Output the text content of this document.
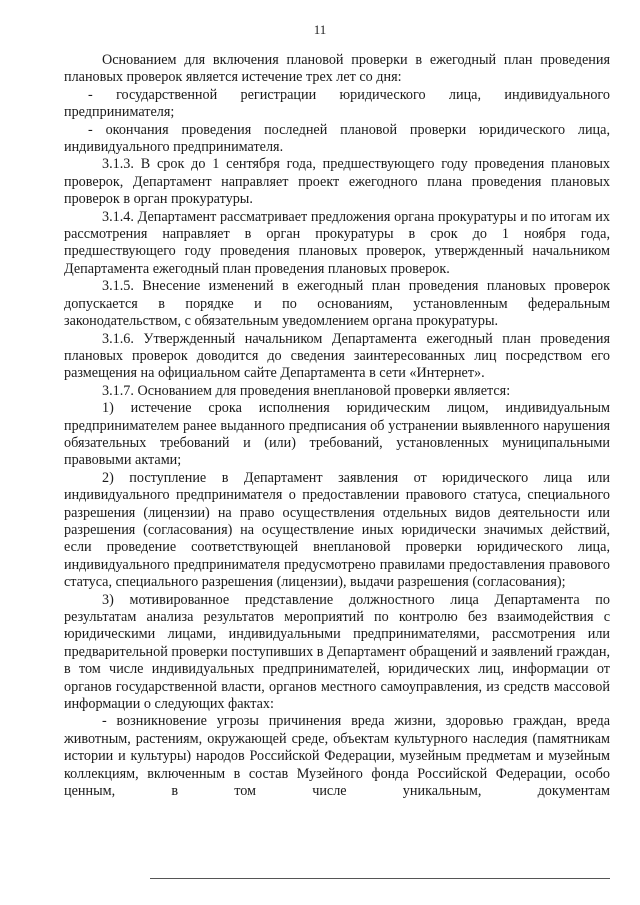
11

Основанием для включения плановой проверки в ежегодный план проведения плановых проверок является истечение трех лет со дня:

- государственной регистрации юридического лица, индивидуального предпринимателя;

- окончания проведения последней плановой проверки юридического лица, индивидуального предпринимателя.

3.1.3. В срок до 1 сентября года, предшествующего году проведения плановых проверок, Департамент направляет проект ежегодного плана проведения плановых проверок в орган прокуратуры.

3.1.4. Департамент рассматривает предложения органа прокуратуры и по итогам их рассмотрения направляет в орган прокуратуры в срок до 1 ноября года, предшествующего году проведения плановых проверок, утвержденный начальником Департамента ежегодный план проведения плановых проверок.

3.1.5. Внесение изменений в ежегодный план проведения плановых проверок допускается в порядке и по основаниям, установленным федеральным законодательством, с обязательным уведомлением органа прокуратуры.

3.1.6. Утвержденный начальником Департамента ежегодный план проведения плановых проверок доводится до сведения заинтересованных лиц посредством его размещения на официальном сайте Департамента в сети «Интернет».

3.1.7. Основанием для проведения внеплановой проверки является:

1) истечение срока исполнения юридическим лицом, индивидуальным предпринимателем ранее выданного предписания об устранении выявленного нарушения обязательных требований и (или) требований, установленных муниципальными правовыми актами;

2) поступление в Департамент заявления от юридического лица или индивидуального предпринимателя о предоставлении правового статуса, специального разрешения (лицензии) на право осуществления отдельных видов деятельности или разрешения (согласования) на осуществление иных юридически значимых действий, если проведение соответствующей внеплановой проверки юридического лица, индивидуального предпринимателя предусмотрено правилами предоставления правового статуса, специального разрешения (лицензии), выдачи разрешения (согласования);

3) мотивированное представление должностного лица Департамента по результатам анализа результатов мероприятий по контролю без взаимодействия с юридическими лицами, индивидуальными предпринимателями, рассмотрения или предварительной проверки поступивших в Департамент обращений и заявлений граждан, в том числе индивидуальных предпринимателей, юридических лиц, информации от органов государственной власти, органов местного самоуправления, из средств массовой информации о следующих фактах:

- возникновение угрозы причинения вреда жизни, здоровью граждан, вреда животным, растениям, окружающей среде, объектам культурного наследия (памятникам истории и культуры) народов Российской Федерации, музейным предметам и музейным коллекциям, включенным в состав Музейного фонда Российской Федерации, особо ценным, в том числе уникальным, документам
